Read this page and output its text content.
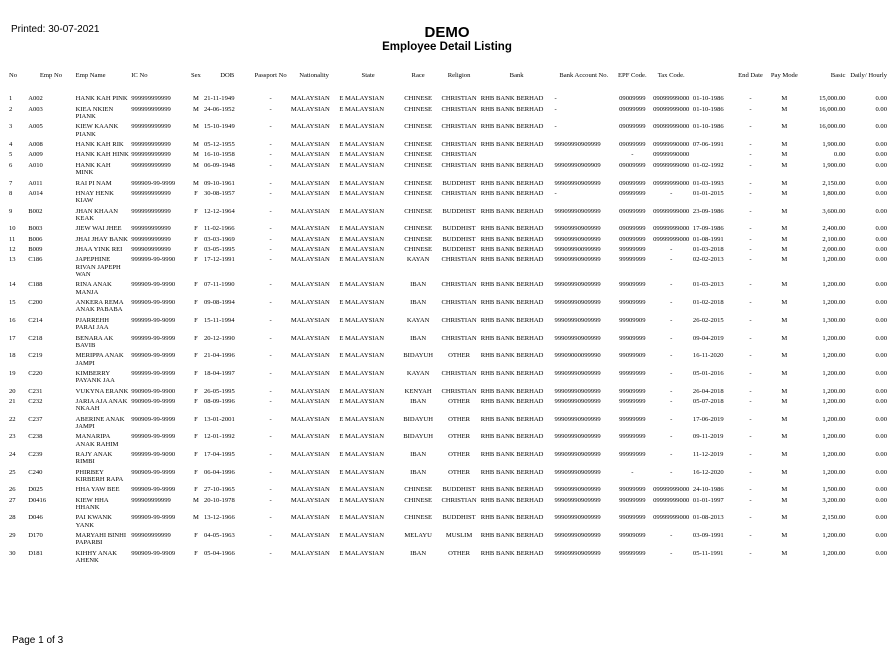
Printed: 30-07-2021	DEMO
Employee Detail Listing
No	Emp No	Emp Name	IC No	Sex	DOB	Passport No	Nationality	State	Race	Religion	Bank	Bank Account No.	EPF Code.	Tax Code.		End Date	Pay Mode	Basic	Daily/ Hourly
1	A002	HANK KAH PINK	999999999999	M	21-11-1949	-	MALAYSIAN	E MALAYSIAN	CHINESE	CHRISTIAN	RHB BANK BERHAD	-	09009999	09099999000	01-10-1986	-	M	15,000.00	0.00
2	A003	KIEA NKIEN PIANK	999999999999	M	24-06-1952	-	MALAYSIAN	E MALAYSIAN	CHINESE	CHRISTIAN	RHB BANK BERHAD	-	09099999	09099999000	01-10-1986	-	M	16,000.00	0.00
3	A005	KIEW KAANK PIANK	999999999999	M	15-10-1949	-	MALAYSIAN	E MALAYSIAN	CHINESE	CHRISTIAN	RHB BANK BERHAD	-	09099999	09099999000	01-10-1986	-	M	16,000.00	0.00
4	A008	HANK KAH RIK	999999999999	M	05-12-1955	-	MALAYSIAN	E MALAYSIAN	CHINESE	CHRISTIAN	RHB BANK BERHAD	99909990909999	09099999	09999990000	07-06-1991	-	M	1,900.00	0.00
5	A009	HANK KAH HINK	999999999999	M	16-10-1958	-	MALAYSIAN	E MALAYSIAN	CHINESE	CHRISTIAN			-	09999990000		-	M	0.00	0.00
6	A010	HANK KAH MINK	999999999999	M	06-09-1948	-	MALAYSIAN	E MALAYSIAN	CHINESE	CHRISTIAN	RHB BANK BERHAD	99909990909909	09009999	09999999090	01-02-1992	-	M	1,900.00	0.00
7	A011	RAI PI NAM	999909-99-9999	M	09-10-1961	-	MALAYSIAN	E MALAYSIAN	CHINESE	BUDDHIST	RHB BANK BERHAD	99909990909999	09099999	09999999000	01-03-1993	-	M	2,150.00	0.00
8	A014	HNAY HENK KIAW	999999999999	F	30-08-1957	-	MALAYSIAN	E MALAYSIAN	CHINESE	CHRISTIAN	RHB BANK BERHAD	-	09999999	-	01-01-2015	-	M	1,800.00	0.00
9	B002	JHAN KHAAN KEAK	999999999999	F	12-12-1964	-	MALAYSIAN	E MALAYSIAN	CHINESE	BUDDHIST	RHB BANK BERHAD	99909990909999	09099999	09999999000	23-09-1986	-	M	3,600.00	0.00
10	B003	JIEW WAI JHEE	999999999999	F	11-02-1966	-	MALAYSIAN	E MALAYSIAN	CHINESE	BUDDHIST	RHB BANK BERHAD	99909990909999	09099999	09999999000	17-09-1986	-	M	2,400.00	0.00
11	B006	JHAI JHAY BANK	999999999999	F	03-03-1969	-	MALAYSIAN	E MALAYSIAN	CHINESE	BUDDHIST	RHB BANK BERHAD	99909990909999	09099999	09999999000	01-08-1991	-	M	2,100.00	0.00
12	B009	JHAA YINK REI	999909999999	F	03-05-1995	-	MALAYSIAN	E MALAYSIAN	CHINESE	BUDDHIST	RHB BANK BERHAD	99909990099999	99999999	-	01-03-2018	-	M	2,000.00	0.00
13	C186	JAPEPHINE RIVAN JAPEPH WAN	999999-99-9990	F	17-12-1991	-	MALAYSIAN	E MALAYSIAN	KAYAN	CHRISTIAN	RHB BANK BERHAD	99909990909999	99999999	-	02-02-2013	-	M	1,200.00	0.00
14	C188	RINA ANAK MANJA	999909-99-9990	F	07-11-1990	-	MALAYSIAN	E MALAYSIAN	IBAN	CHRISTIAN	RHB BANK BERHAD	99909990909999	99909999	-	01-03-2013	-	M	1,200.00	0.00
15	C200	ANKERA REMA ANAK PABABA	999909-99-9990	F	09-08-1994	-	MALAYSIAN	E MALAYSIAN	IBAN	CHRISTIAN	RHB BANK BERHAD	99909990909999	99909999	-	01-02-2018	-	M	1,200.00	0.00
16	C214	PJARREHH PARAI JAA	999999-99-9099	F	15-11-1994	-	MALAYSIAN	E MALAYSIAN	KAYAN	CHRISTIAN	RHB BANK BERHAD	99909990909999	99909909	-	26-02-2015	-	M	1,300.00	0.00
17	C218	BENARA AK BAVIB	999999-99-9999	F	20-12-1990	-	MALAYSIAN	E MALAYSIAN	IBAN	CHRISTIAN	RHB BANK BERHAD	99909990909999	99909999	-	09-04-2019	-	M	1,200.00	0.00
18	C219	MERIPPA ANAK JAMPI	999909-99-9999	F	21-04-1996	-	MALAYSIAN	E MALAYSIAN	BIDAYUH	OTHER	RHB BANK BERHAD	99909000099990	99099909	-	16-11-2020	-	M	1,200.00	0.00
19	C220	KIMBERRY PAYANK JAA	999999-99-9999	F	18-04-1997	-	MALAYSIAN	E MALAYSIAN	KAYAN	CHRISTIAN	RHB BANK BERHAD	99909990909999	99999999	-	05-01-2016	-	M	1,200.00	0.00
20	C231	VUKYNA ERANK	990909-99-9900	F	26-05-1995	-	MALAYSIAN	E MALAYSIAN	KENYAH	CHRISTIAN	RHB BANK BERHAD	99909990909999	99909999	-	26-04-2018	-	M	1,200.00	0.00
21	C232	JARIA AJA ANAK NKAAH	990909-99-9999	F	08-09-1996	-	MALAYSIAN	E MALAYSIAN	IBAN	OTHER	RHB BANK BERHAD	99909990909999	99999999	-	05-07-2018	-	M	1,200.00	0.00
22	C237	ABERINE ANAK JAMPI	990909-99-9999	F	13-01-2001	-	MALAYSIAN	E MALAYSIAN	BIDAYUH	OTHER	RHB BANK BERHAD	99909990909999	99999999	-	17-06-2019	-	M	1,200.00	0.00
23	C238	MANARIPA ANAK RAHIM	999909-99-9999	F	12-01-1992	-	MALAYSIAN	E MALAYSIAN	BIDAYUH	OTHER	RHB BANK BERHAD	99909990909999	99999999	-	09-11-2019	-	M	1,200.00	0.00
24	C239	RAJY ANAK RIMBI	999999-99-9090	F	17-04-1995	-	MALAYSIAN	E MALAYSIAN	IBAN	OTHER	RHB BANK BERHAD	99909990909999	99999999	-	11-12-2019	-	M	1,200.00	0.00
25	C240	PHIRBEY KIRBERH RAPA	990909-99-9999	F	06-04-1996	-	MALAYSIAN	E MALAYSIAN	IBAN	OTHER	RHB BANK BERHAD	99909990909999	-	-	16-12-2020	-	M	1,200.00	0.00
26	D025	HHA YAW BEE	999909-99-9999	F	27-10-1965	-	MALAYSIAN	E MALAYSIAN	CHINESE	BUDDHIST	RHB BANK BERHAD	99909990909999	99099999	09999999000	24-10-1986	-	M	1,500.00	0.00
27	D0416	KIEW HHA HHANK	999909999999	M	20-10-1978	-	MALAYSIAN	E MALAYSIAN	CHINESE	CHRISTIAN	RHB BANK BERHAD	99909990909999	99099999	09999999000	01-01-1997	-	M	3,200.00	0.00
28	D046	PAI KWANK YANK	999909-99-9999	M	13-12-1966	-	MALAYSIAN	E MALAYSIAN	CHINESE	BUDDHIST	RHB BANK BERHAD	99909990909999	99099999	09999999000	01-08-2013	-	M	2,150.00	0.00
29	D170	MARYAHI BINHI PAPARBI	999909999999	F	04-05-1963	-	MALAYSIAN	E MALAYSIAN	MELAYU	MUSLIM	RHB BANK BERHAD	99909990909999	99909099	-	03-09-1991	-	M	1,200.00	0.00
30	D181	KIHHY ANAK AHENK	990909-99-9909	F	05-04-1966	-	MALAYSIAN	E MALAYSIAN	IBAN	OTHER	RHB BANK BERHAD	99909990909999	99999999	-	05-11-1991	-	M	1,200.00	0.00
Page 1 of 3
